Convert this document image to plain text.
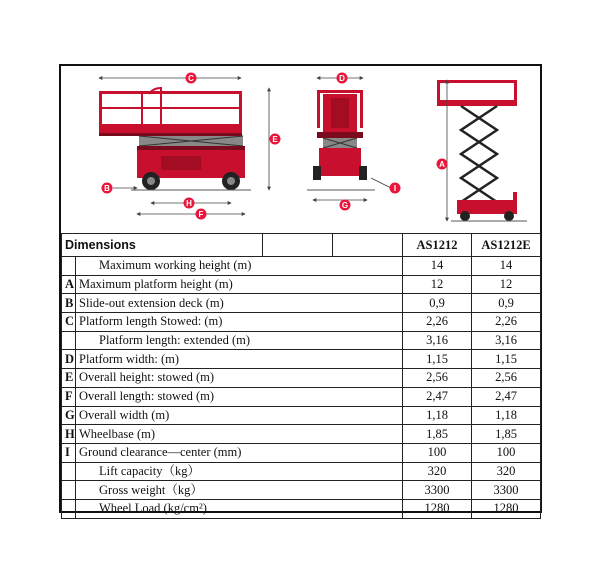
C
E
B
H
F
D
G
I
A
Dimensions				AS1212	AS1212E
	Maximum working height (m)			14	14
A	Maximum platform height (m)			12	12
B	Slide-out extension deck (m)			0,9	0,9
C	Platform length Stowed: (m)			2,26	2,26
	Platform length: extended (m)			3,16	3,16
D	Platform width: (m)			1,15	1,15
E	Overall height: stowed (m)			2,56	2,56
F	Overall length: stowed (m)			2,47	2,47
G	Overall width (m)			1,18	1,18
H	Wheelbase (m)			1,85	1,85
I	Ground clearance—center (mm)			100	100
	Lift capacity（kg）			320	320
	Gross weight（kg）			3300	3300
	Wheel Load (kg/cm²)			1280	1280
